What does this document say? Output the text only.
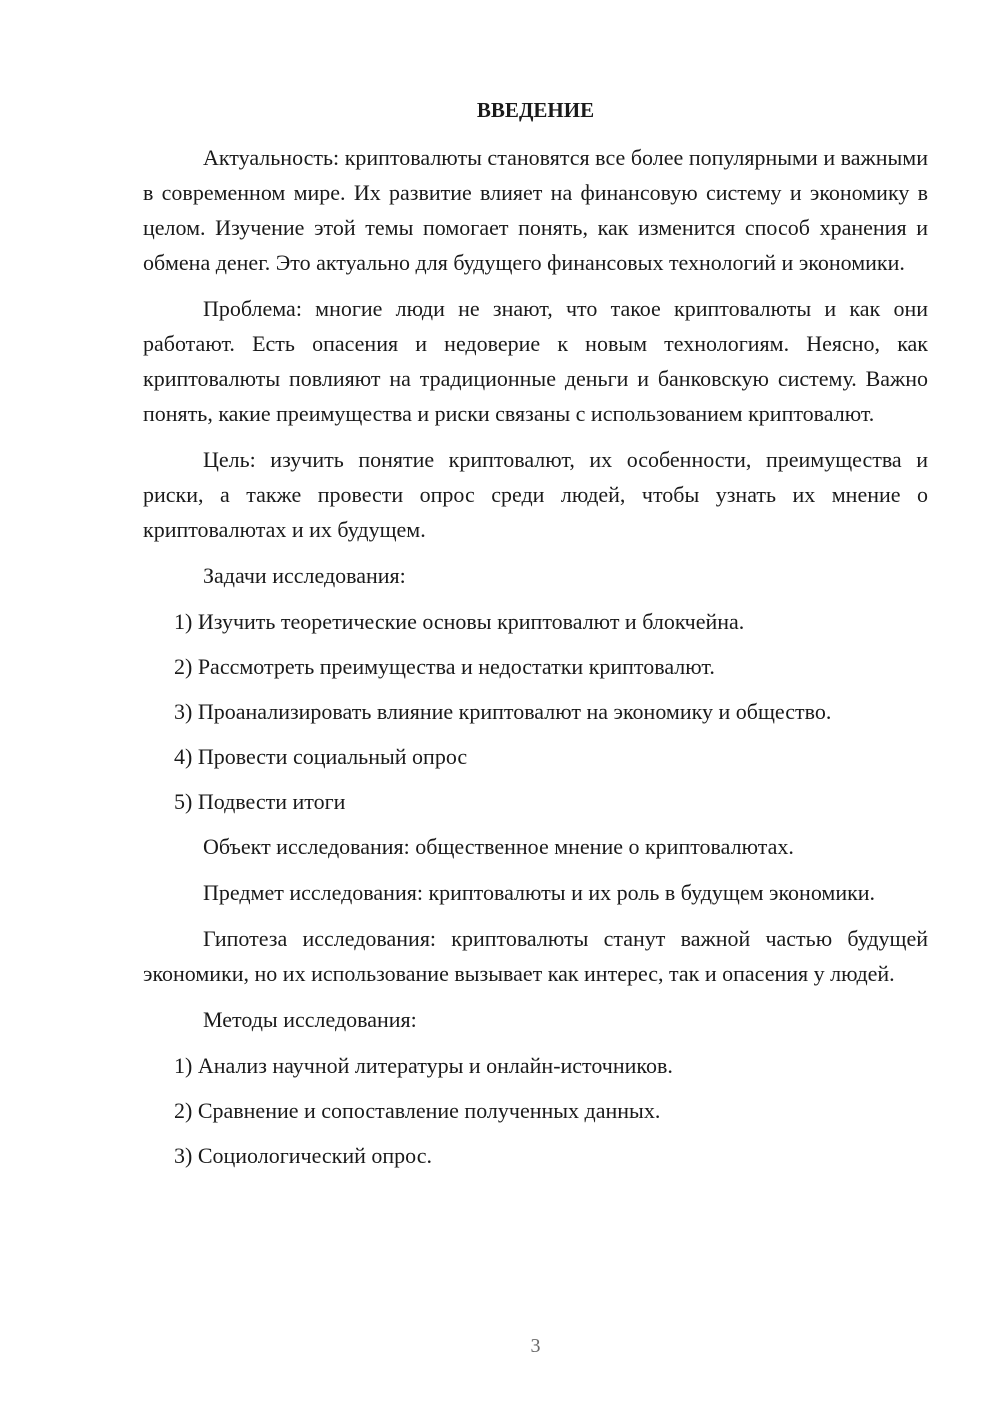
ВВЕДЕНИЕ

Актуальность: криптовалюты становятся все более популярными и важными в современном мире. Их развитие влияет на финансовую систему и экономику в целом. Изучение этой темы помогает понять, как изменится способ хранения и обмена денег. Это актуально для будущего финансовых технологий и экономики.

Проблема: многие люди не знают, что такое криптовалюты и как они работают. Есть опасения и недоверие к новым технологиям. Неясно, как криптовалюты повлияют на традиционные деньги и банковскую систему. Важно понять, какие преимущества и риски связаны с использованием криптовалют.

Цель: изучить понятие криптовалют, их особенности, преимущества и риски, а также провести опрос среди людей, чтобы узнать их мнение о криптовалютах и их будущем.

Задачи исследования:

1) Изучить теоретические основы криптовалют и блокчейна.

2) Рассмотреть преимущества и недостатки криптовалют.

3) Проанализировать влияние криптовалют на экономику и общество.

4) Провести социальный опрос

5) Подвести итоги

Объект исследования: общественное мнение о криптовалютах.

Предмет исследования: криптовалюты и их роль в будущем экономики.

Гипотеза исследования: криптовалюты станут важной частью будущей экономики, но их использование вызывает как интерес, так и опасения у людей.

Методы исследования:

1) Анализ научной литературы и онлайн-источников.

2) Сравнение и сопоставление полученных данных.

3) Социологический опрос.

3
